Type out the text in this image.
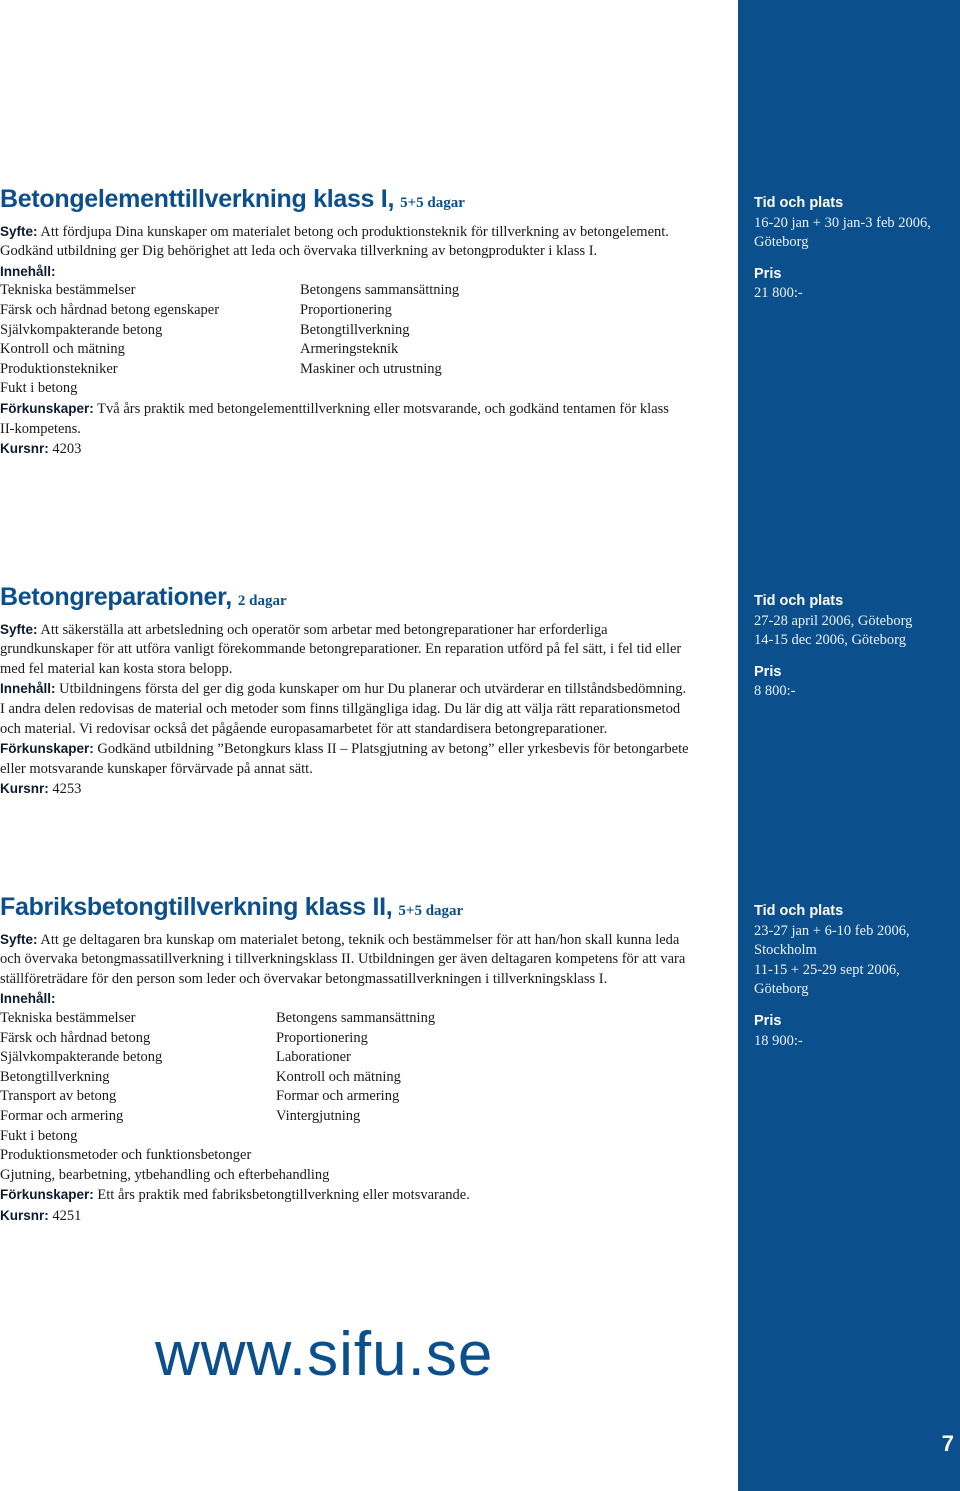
Betongelementtillverkning klass I, 5+5 dagar

Syfte: Att fördjupa Dina kunskaper om materialet betong och produktionsteknik för tillverkning av betongelement. Godkänd utbildning ger Dig behörighet att leda och övervaka tillverkning av betongprodukter i klass I.

Innehåll:
Tekniska bestämmelser	Betongens sammansättning
Färsk och hårdnad betong egenskaper	Proportionering
Självkompakterande betong	Betongtillverkning
Kontroll och mätning	Armeringsteknik
Produktionstekniker	Maskiner och utrustning
Fukt i betong

Förkunskaper: Två års praktik med betongelementtillverkning eller motsvarande, och godkänd tentamen för klass II-kompetens.

Kursnr: 4203

Tid och plats

16-20 jan + 30 jan-3 feb 2006,
Göteborg

Pris

21 800:-

Betongreparationer, 2 dagar

Syfte: Att säkerställa att arbetsledning och operatör som arbetar med betongreparationer har erforderliga grundkunskaper för att utföra vanligt förekommande betongreparationer. En reparation utförd på fel sätt, i fel tid eller med fel material kan kosta stora belopp.

Innehåll: Utbildningens första del ger dig goda kunskaper om hur Du planerar och utvärderar en tillståndsbedömning. I andra delen redovisas de material och metoder som finns tillgängliga idag. Du lär dig att välja rätt reparationsmetod och material. Vi redovisar också det pågående europasamarbetet för att standardisera betongreparationer.

Förkunskaper: Godkänd utbildning ”Betongkurs klass II – Platsgjutning av betong” eller yrkesbevis för betongarbete eller motsvarande kunskaper förvärvade på annat sätt.

Kursnr: 4253

Tid och plats

27-28 april 2006, Göteborg
14-15 dec 2006, Göteborg

Pris

8 800:-

Fabriksbetongtillverkning klass II, 5+5 dagar

Syfte: Att ge deltagaren bra kunskap om materialet betong, teknik och bestämmelser för att han/hon skall kunna leda och övervaka betongmassatillverkning i tillverkningsklass II. Utbildningen ger även deltagaren kompetens för att vara ställföreträdare för den person som leder och övervakar betongmassatillverkningen i tillverkningsklass I.

Innehåll:
Tekniska bestämmelser	Betongens sammansättning
Färsk och hårdnad betong	Proportionering
Självkompakterande betong	Laborationer
Betongtillverkning	Kontroll och mätning
Transport av betong	Formar och armering
Formar och armering	Vintergjutning
Fukt i betong
Produktionsmetoder och funktionsbetonger
Gjutning, bearbetning, ytbehandling och efterbehandling

Förkunskaper: Ett års praktik med fabriksbetongtillverkning eller motsvarande.

Kursnr: 4251

Tid och plats

23-27 jan + 6-10 feb 2006,
Stockholm
11-15 + 25-29 sept 2006,
Göteborg

Pris

18 900:-

www.sifu.se
7
